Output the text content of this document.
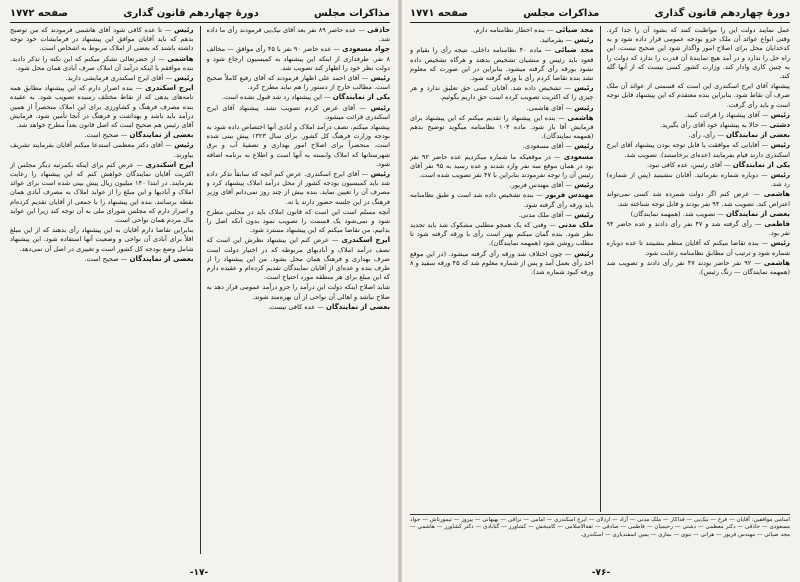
مذاکرات مجلس
دورهٔ چهاردهم قانون گذاری
صفحه ۱۷۷۲

حاذقی — عده حاضر ۸۹ نفر بعد آقای نیک‌پی فرمودند رأی ما داده شد.

جواد مسعودی — عده حاضر ۹۰ نفر با ۴۵ رأی موافق — مخالف ۸ نفر. طرفداری از اینکه این پیشنهاد به کمیسیون ارجاع شود و دولت نظر خود را اظهار کند تصویب شد.

رئیس — آقای احمد علی اظهار فرمودند که آقای رفیع کاملاً صحیح است. مطالب خارج از دستور را هم نباید مطرح کرد.

یکی از نمایندگان — این پیشنهاد رد شد قبول نشده است.

رئیس — آقای عرض کردم تصویب نشد. پیشنهاد آقای ایرج اسکندری قرائت میشود.

پیشنهاد میکنم، نصف درآمد املاک و آبادی آنها اختصاص داده شود به بودجه وزارت فرهنگ کل کشور. برای سال ۱۳۲۳ پیش بینی شده است. منحصراً برای اصلاح امور بهداری و تصفیهٔ آب و برق شهرستانها که املاک وابسته به آنها است و اطلاع به برنامه اضافه شود.

رئیس — آقای ایرج اسکندری. عرض کنم آنچه که سابقاً تذکر داده شد باید کمیسیون بودجه کشور از محل درآمد املاک پیشنهاد کرد و مصرف آن را تعیین نماید. بنده بیش از چند روز نمی‌دانم آقای وزیر فرهنگ در این جلسه حضور دارند یا نه.

آنچه مسلم است این است که قانون املاک باید در مجلس مطرح شود و نمی‌شود یک قسمت را تصویب نمود بدون آنکه اصل را بدانیم. من تقاضا میکنم که این پیشنهاد مسترد شود.

ایرج اسکندری — عرض کنم این پیشنهاد نظرش این است که نصف درآمد املاک و آبادیهای مربوطه که در اختیار دولت است صرف بهداری و فرهنگ همان محل بشود. من این پیشنهاد را از طرف بنده و عده‌ای از آقایان نمایندگان تقدیم کرده‌ام و عقیده دارم که این مبلغ برای هر منطقه مورد احتیاج است.

شاید اصلاح اینکه دولت این درآمد را جزو درآمد عمومی قرار دهد به صلاح نباشد و اهالی آن نواحی از آن بهره‌مند شوند.

بعضی از نمایندگان — عده کافی نیست.

رئیس — تا عده کافی شود آقای هاشمی فرمودند که من توضیح بدهم که باید آقایان موافق این پیشنهاد در فرمایشات خود توجه داشته باشند که بعضی از املاک مربوط به اشخاص است.

هاشمی — از حضرتعالی تشکر میکنم که این نکته را تذکر دادید. بنده موافقم با اینکه درآمد آن املاک صرف آبادی همان محل شود.

رئیس — آقای ایرج اسکندری فرمایشی دارید.

ایرج اسکندری — بنده اصرار دارم که این پیشنهاد مطابق همه نامه‌های بدهی که از نقاط مختلف رسیده تصویب شود. به عقیده بنده مصرف فرهنگ و کشاورزی برای این املاک منحصراً از همین درآمد باید باشد و بهداشت و فرهنگ در آنجا تأمین شود. فرمایش آقای رئیس هم صحیح است که اصل قانون بعداً مطرح خواهد شد.

بعضی از نمایندگان — صحیح است.

رئیس — آقای دکتر معظمی استدعا میکنم آقایان بفرمایند تشریف بیاورند.

ایرج اسکندری — عرض کنم برای اینکه بکمرتبه دیگر مجلس از اکثریت آقایان نمایندگان خواهش کنم که این پیشنهاد را رعایت بفرمایند. در ابتدا ۱۴۰ میلیون ریال پیش بینی شده است برای عوائد املاک و آبادیها و این مبلغ را از عواید املاک به مصرف آبادی همان نقطه برسانند. بنده این پیشنهاد را با جمعی از آقایان تقدیم کرده‌ام و اصرار دارم که مجلس شورای ملی به آن توجه کند زیرا این عواید مال مردم همان نواحی است.

بنابراین تقاضا دارم آقایان به این پیشنهاد رأی بدهند که از این مبلغ اقلاً برای آبادی آن نواحی و وضعیت آنها استفاده شود. این پیشنهاد شامل وضع بودجه کل کشور است و تغییری در اصل آن نمی‌دهد.

بعضی از نمایندگان — صحیح است.

-۱۷-
دورهٔ چهاردهم قانون گذاری
مذاکرات مجلس
صفحه ۱۷۷۱

عمل نمایند دولت این را مواظبت کنند که بشود آن را جدا کرد. وقتی انواع عوائد آن ملک جزو بودجه عمومی قرار داده شود و به کدخدایان محل برای اصلاح امور واگذار شود این صحیح نیست. این راه حل را ندارد و در آمد هیچ نمایندهٔ آن قدرت را ندارد که دولت را به چنین کاری وادار کند. وزارت کشور کسی نیست که از آنها گله کند.

پیشنهاد آقای ایرج اسکندری این است که قسمتی از عوائد آن ملک صرف آن نقاط شود. بنابراین بنده معتقدم که این پیشنهاد قابل توجه است و باید رأی گرفت.

رئیس — آقای پیشنهاد را قرائت کنید.

دشتی — حالا به پیشنهاد خود آقای رأی بگیرید.

بعضی از نمایندگان — رأی، رأی.

رئیس — آقایانی که موافقت با قابل توجه بودن پیشنهاد آقای ایرج اسکندری دارند قیام بفرمایند (عده‌ای برخاستند). تصویب شد.

یکی از نمایندگان — آقای رئیس، عده کافی نبود.

رئیس — دوباره شماره بفرمائید. آقایان بنشینید (پس از شماره) رد شد.

هاشمی — عرض کنم اگر دولت شمرده شد کسی نمی‌تواند اعتراض کند. تصویب شد. ۹۴ نفر بودند و قابل توجه شناخته شد.

بعضی از نمایندگان — تصویب شد. (همهمه نمایندگان)

فاطمی — رأی گرفته شد و ۴۷ نفر رأی دادند و عده حاضر ۹۴ نفر بود.

رئیس — بنده تقاضا میکنم که آقایان منظم بنشینند تا عده دوباره شماره شود و ترتیب آن مطابق نظامنامه رعایت شود.

هاشمی — ۹۲ نفر حاضر بودند ۴۷ نفر رأی دادند و تصویب شد (همهمه نمایندگان — زنگ رئیس).

مجد ضیائی — بنده اخطار نظامنامه دارم.

رئیس — بفرمائید.

مجد ضیائی — ماده ۴۰ نظامنامه داخلی. نتیجه رأی را بقیام و قعود باید رئیس و منشیان تشخیص بدهند و هرگاه تشخیص داده نشود بورقه رأی گرفته میشود. بنابراین در این صورت که معلوم نشد بنده تقاضا کردم رأی با ورقه گرفته شود.

رئیس — تشخیص داده شد. آقایان کسی حق تعلیق ندارد و هر چیزی را که اکثریت تصویب کرده است حق داریم بگوئیم.

رئیس — آقای هاشمی.

هاشمی — بنده این پیشنهاد را تقدیم میکنم که این پیشنهاد برای فرمایش آقا باز شود. ماده ۱۰۴ نظامنامه میگوید توضیح بدهم (همهمه نمایندگان).

رئیس — آقای مسعودی.

مسعودی — در موقعیکه ما شماره میکردیم عده حاضر ۹۲ نفر بود در همان موقع سه نفر وارد شدند و عده رسید به ۹۵ نفر آقای رئیس آن را توجه نفرمودند بنابراین با ۴۷ نفر تصویب شده است.

رئیس — آقای مهندس فریور.

مهندس فریور — بنده تشخیص داده شد است و طبق نظامنامه باید ورقه رأی گرفته شود.

رئیس — آقای ملک مدنی.

ملک مدنی — وقتی که یک همچو مطلبی مشکوک شد باید تجدید نظر شود. بنده گمان میکنم بهتر است رأی با ورقه گرفته شود تا مطلب روشن شود (همهمه نمایندگان).

رئیس — چون اختلاف شد ورقه رأی گرفته میشود. (در این موقع اخذ رأی بعمل آمد و پس از شماره معلوم شد که ۴۵ ورقه سفید و ۸ ورقه کبود شماره شد).

اسامی موافقین: آقایان — فرخ — نیک‌پی — فداکار — ملک مدنی — آزاد — اردلان — ایرج اسکندری — امامی — نراقی — بهبهانی — پیروز — تیمورتاش — جواد مسعودی — حاذقی — دکتر معظمی — دشتی — رحیمیان — فاطمی — صادقی — ثقة‌الاسلامی — کامبخش — کشاورز — گنابادی — دکتر کشاورز — هاشمی — مجد ضیائی — مهندس فریور — هراتی — نبوی — نمازی — یمین اسفندیاری — اسکندری.
-۷۶-
